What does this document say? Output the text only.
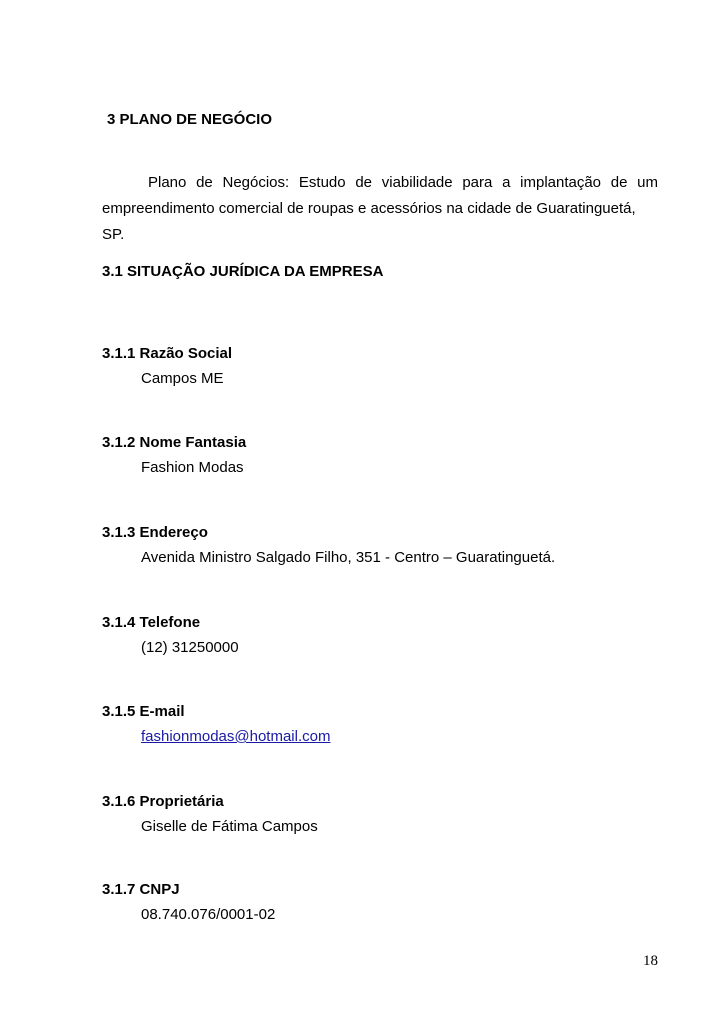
3 PLANO DE NEGÓCIO
Plano de Negócios: Estudo de viabilidade para a implantação de um
empreendimento comercial de roupas e acessórios na cidade de Guaratinguetá, SP.
3.1 SITUAÇÃO JURÍDICA DA EMPRESA
3.1.1 Razão Social
Campos ME
3.1.2 Nome Fantasia
Fashion Modas
3.1.3 Endereço
Avenida Ministro Salgado Filho, 351 - Centro – Guaratinguetá.
3.1.4 Telefone
(12) 31250000
3.1.5 E-mail
fashionmodas@hotmail.com
3.1.6 Proprietária
Giselle de Fátima Campos
3.1.7 CNPJ
08.740.076/0001-02
18
